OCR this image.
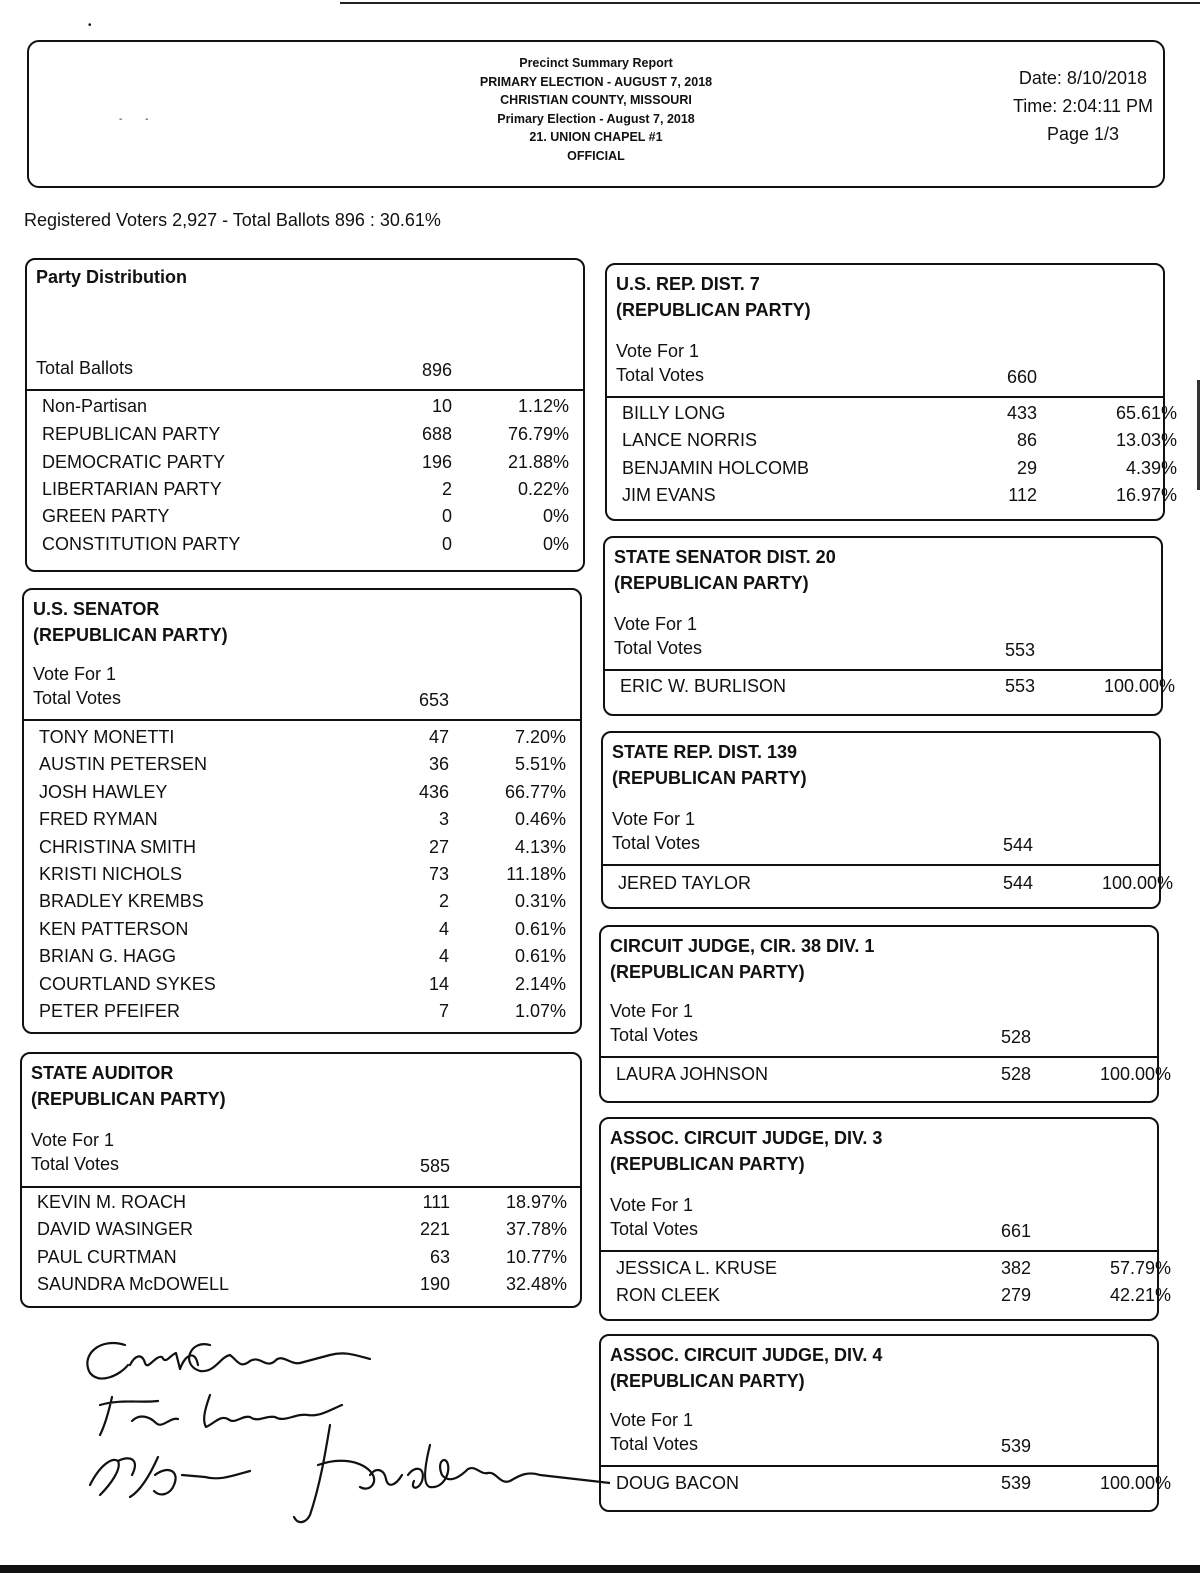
•
‐ ‐
Precinct Summary Report
PRIMARY ELECTION - AUGUST 7, 2018
CHRISTIAN COUNTY, MISSOURI
Primary Election - August 7, 2018
21. UNION CHAPEL #1
OFFICIAL
Date: 8/10/2018
Time: 2:04:11 PM
Page 1/3
Registered Voters 2,927 - Total Ballots 896 : 30.61%
Party Distribution
Total Ballots	896
Non-Partisan	10	1.12%
REPUBLICAN PARTY	688	76.79%
DEMOCRATIC PARTY	196	21.88%
LIBERTARIAN PARTY	2	0.22%
GREEN PARTY	0	0%
CONSTITUTION PARTY	0	0%
U.S. SENATOR
(REPUBLICAN PARTY)
Vote For 1
Total Votes	653
TONY MONETTI	47	7.20%
AUSTIN PETERSEN	36	5.51%
JOSH HAWLEY	436	66.77%
FRED RYMAN	3	0.46%
CHRISTINA SMITH	27	4.13%
KRISTI NICHOLS	73	11.18%
BRADLEY KREMBS	2	0.31%
KEN PATTERSON	4	0.61%
BRIAN G. HAGG	4	0.61%
COURTLAND SYKES	14	2.14%
PETER PFEIFER	7	1.07%
STATE AUDITOR
(REPUBLICAN PARTY)
Vote For 1
Total Votes	585
KEVIN M. ROACH	111	18.97%
DAVID WASINGER	221	37.78%
PAUL CURTMAN	63	10.77%
SAUNDRA McDOWELL	190	32.48%
U.S. REP. DIST. 7
(REPUBLICAN PARTY)
Vote For 1
Total Votes	660
BILLY LONG	433	65.61%
LANCE NORRIS	86	13.03%
BENJAMIN HOLCOMB	29	4.39%
JIM EVANS	112	16.97%
STATE SENATOR DIST. 20
(REPUBLICAN PARTY)
Vote For 1
Total Votes	553
ERIC W. BURLISON	553	100.00%
STATE REP. DIST. 139
(REPUBLICAN PARTY)
Vote For 1
Total Votes	544
JERED TAYLOR	544	100.00%
CIRCUIT JUDGE, CIR. 38 DIV. 1
(REPUBLICAN PARTY)
Vote For 1
Total Votes	528
LAURA JOHNSON	528	100.00%
ASSOC. CIRCUIT JUDGE, DIV. 3
(REPUBLICAN PARTY)
Vote For 1
Total Votes	661
JESSICA L. KRUSE	382	57.79%
RON CLEEK	279	42.21%
ASSOC. CIRCUIT JUDGE, DIV. 4
(REPUBLICAN PARTY)
Vote For 1
Total Votes	539
DOUG BACON	539	100.00%
